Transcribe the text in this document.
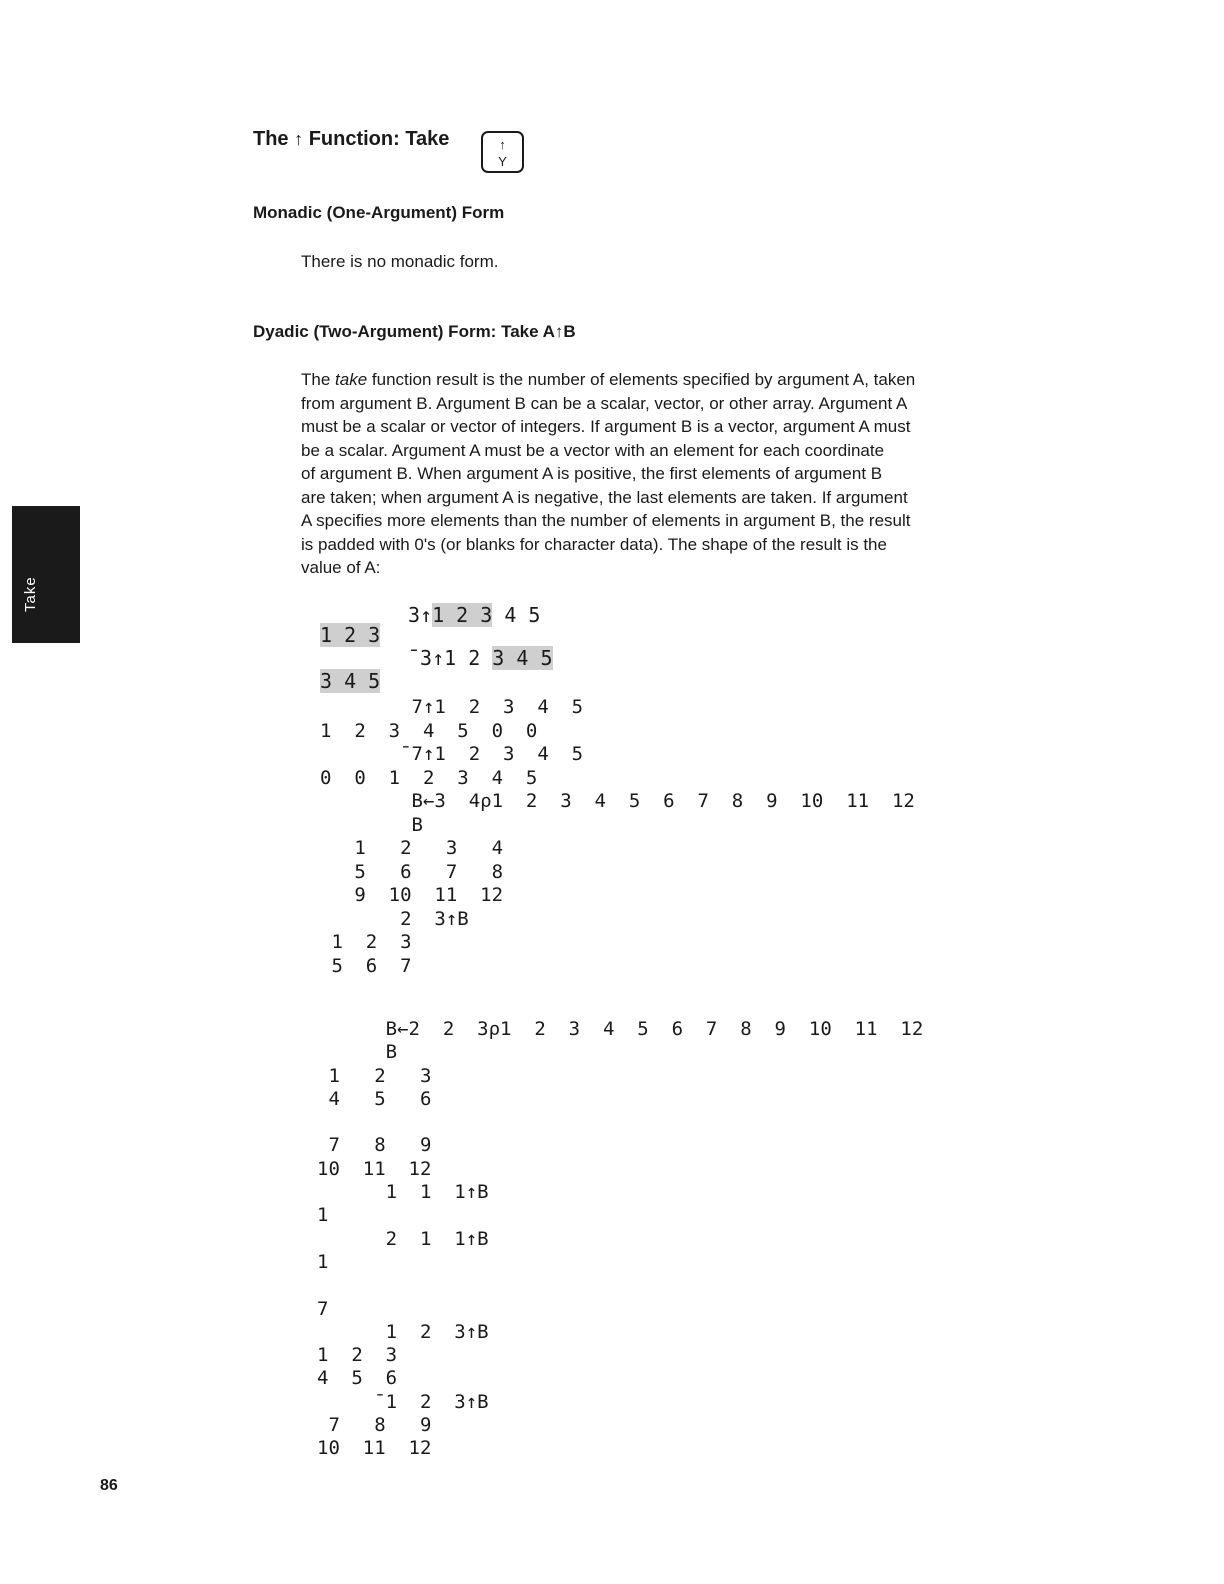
The ↑ Function: Take	↑
Y
Monadic (One-Argument) Form
There is no monadic form.
Dyadic (Two-Argument) Form: Take A↑B
The take function result is the number of elements specified by argument A, taken
from argument B. Argument B can be a scalar, vector, or other array. Argument A
must be a scalar or vector of integers. If argument B is a vector, argument A must
be a scalar. Argument A must be a vector with an element for each coordinate
of argument B. When argument A is positive, the first elements of argument B
are taken; when argument A is negative, the last elements are taken. If argument
A specifies more elements than the number of elements in argument B, the result
is padded with 0's (or blanks for character data). The shape of the result is the
value of A:
3↑1 2 3 4 5
1 2 3
¯3↑1 2 3 4 5
3 4 5
7↑1  2  3  4  5
1  2  3  4  5  0  0
¯7↑1  2  3  4  5
0  0  1  2  3  4  5
B←3  4ρ1  2  3  4  5  6  7  8  9  10  11  12
B
1   2   3   4
5   6   7   8
9  10  11  12
2  3↑B
1  2  3
5  6  7
B←2  2  3ρ1  2  3  4  5  6  7  8  9  10  11  12
B
1   2   3
4   5   6

7   8   9
10  11  12
1  1  1↑B
1
2  1  1↑B
1

7
1  2  3↑B
1  2  3
4  5  6
¯1  2  3↑B
7   8   9
10  11  12
Take
86
